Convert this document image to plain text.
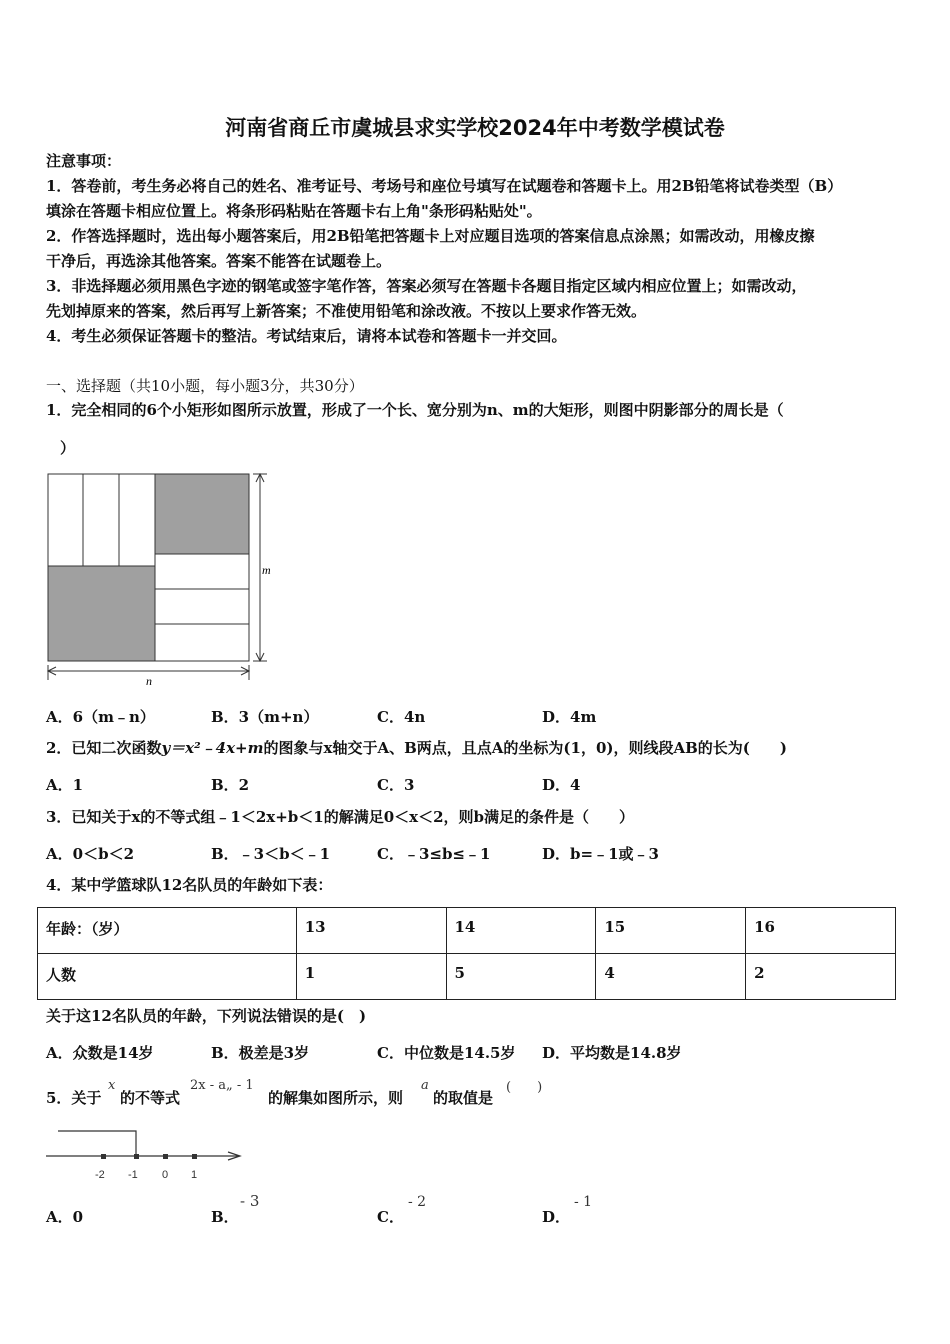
河南省商丘市虞城县求实学校2024年中考数学模试卷
注意事项：
1．答卷前，考生务必将自己的姓名、准考证号、考场号和座位号填写在试题卷和答题卡上。用2B铅笔将试卷类型（B）
填涂在答题卡相应位置上。将条形码粘贴在答题卡右上角"条形码粘贴处"。
2．作答选择题时，选出每小题答案后，用2B铅笔把答题卡上对应题目选项的答案信息点涂黑；如需改动，用橡皮擦
干净后，再选涂其他答案。答案不能答在试题卷上。
3．非选择题必须用黑色字迹的钢笔或签字笔作答，答案必须写在答题卡各题目指定区域内相应位置上；如需改动，
先划掉原来的答案，然后再写上新答案；不准使用铅笔和涂改液。不按以上要求作答无效。
4．考生必须保证答题卡的整洁。考试结束后，请将本试卷和答题卡一并交回。
一、选择题（共10小题，每小题3分，共30分）
1．完全相同的6个小矩形如图所示放置，形成了一个长、宽分别为n、m的大矩形，则图中阴影部分的周长是（
）
m
n
A．6（m﹣n）	B．3（m+n）	C．4n	D．4m
2．已知二次函数y＝x²﹣4x+m的图象与x轴交于A、B两点，且点A的坐标为(1，0)，则线段AB的长为(　　)
A．1	B．2	C．3	D．4
3．已知关于x的不等式组﹣1＜2x+b＜1的解满足0＜x＜2，则b满足的条件是（　　）
A．0＜b＜2	B．﹣3＜b＜﹣1	C．﹣3≤b≤﹣1	D．b=﹣1或﹣3
4．某中学篮球队12名队员的年龄如下表：
年龄：（岁）	13	14	15	16
人数	1	5	4	2
关于这12名队员的年龄，下列说法错误的是(　)
A．众数是14岁	B．极差是3岁	C．中位数是14.5岁 D．平均数是14.8岁
5．关于
x
的不等式
2x - a„ - 1
的解集如图所示，则
a
的取值是
(　　)
-2 -1 0 1
A．0	B．
- 3
C．
- 2
D．
- 1
